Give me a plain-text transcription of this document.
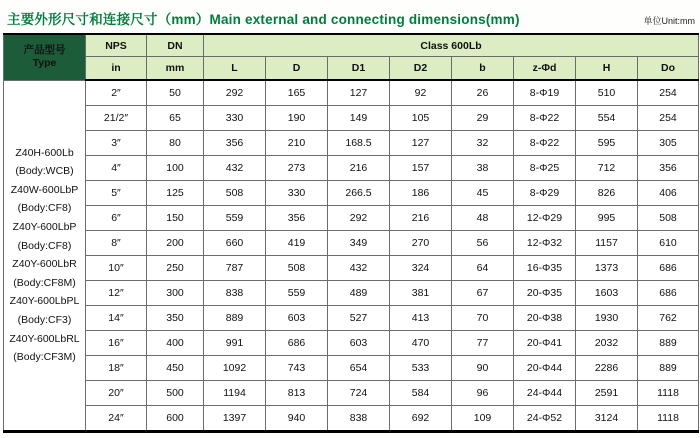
主要外形尺寸和连接尺寸（mm）Main external and connecting dimensions(mm)	单位Unit:mm
产品型号
Type	NPS	DN	Class 600Lb							
	in	mm	L	D	D1	D2	b	z-Φd	H	Do

Z40H-600Lb
(Body:WCB)
Z40W-600LbP
(Body:CF8)
Z40Y-600LbP
(Body:CF8)
Z40Y-600LbR
(Body:CF8M)
Z40Y-600LbPL
(Body:CF3)
Z40Y-600LbRL
(Body:CF3M)
	2″	50	292	165	127	92	26	8-Φ19	510	254
	21/2″	65	330	190	149	105	29	8-Φ22	554	254
	3″	80	356	210	168.5	127	32	8-Φ22	595	305
	4″	100	432	273	216	157	38	8-Φ25	712	356
	5″	125	508	330	266.5	186	45	8-Φ29	826	406
	6″	150	559	356	292	216	48	12-Φ29	995	508
	8″	200	660	419	349	270	56	12-Φ32	1157	610
	10″	250	787	508	432	324	64	16-Φ35	1373	686
	12″	300	838	559	489	381	67	20-Φ35	1603	686
	14″	350	889	603	527	413	70	20-Φ38	1930	762
	16″	400	991	686	603	470	77	20-Φ41	2032	889
	18″	450	1092	743	654	533	90	20-Φ44	2286	889
	20″	500	1194	813	724	584	96	24-Φ44	2591	1118
	24″	600	1397	940	838	692	109	24-Φ52	3124	1118
